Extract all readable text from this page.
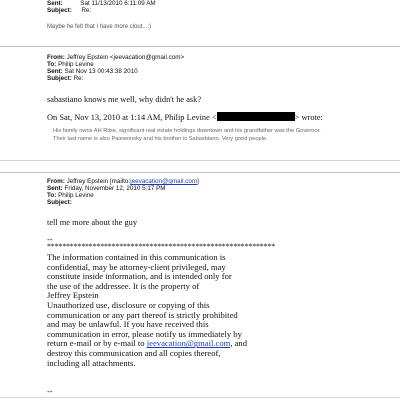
Sent:	Sat 11/13/2010 6:11:09 AM
Subject: Re:
Maybe he felt that I have more clout...:)
From: Jeffrey Epstein <jeevacation@gmail.com>
To: Philip Levine
Sent: Sat Nov 13 00:43:38 2010
Subject: Re:
sabastiano knows me well, why didn't he ask?
On Sat, Nov 13, 2010 at 1:14 AM, Philip Levine <	> wrote:
His family owns AH Riise, significant real estate holdings downtown and his grandfather was the Governor.
Their last name is also Paiewonsky and his brother is Sabasbiano. Very good people.
From: Jeffrey Epstein [mailto:jeevacation@gmail.com]
Sent: Friday, November 12, 2010 5:17 PM
To: Philip Levine
Subject:
tell me more about the guy
--
************************************************************
The information contained in this communication is
confidential, may be attorney-client privileged, may
constitute inside information, and is intended only for
the use of the addressee. It is the property of
Jeffrey Epstein
Unauthorized use, disclosure or copying of this
communication or any part thereof is strictly prohibited
and may be unlawful. If you have received this
communication in error, please notify us immediately by
return e-mail or by e-mail to jeevacation@gmail.com, and
destroy this communication and all copies thereof,
including all attachments.
--
